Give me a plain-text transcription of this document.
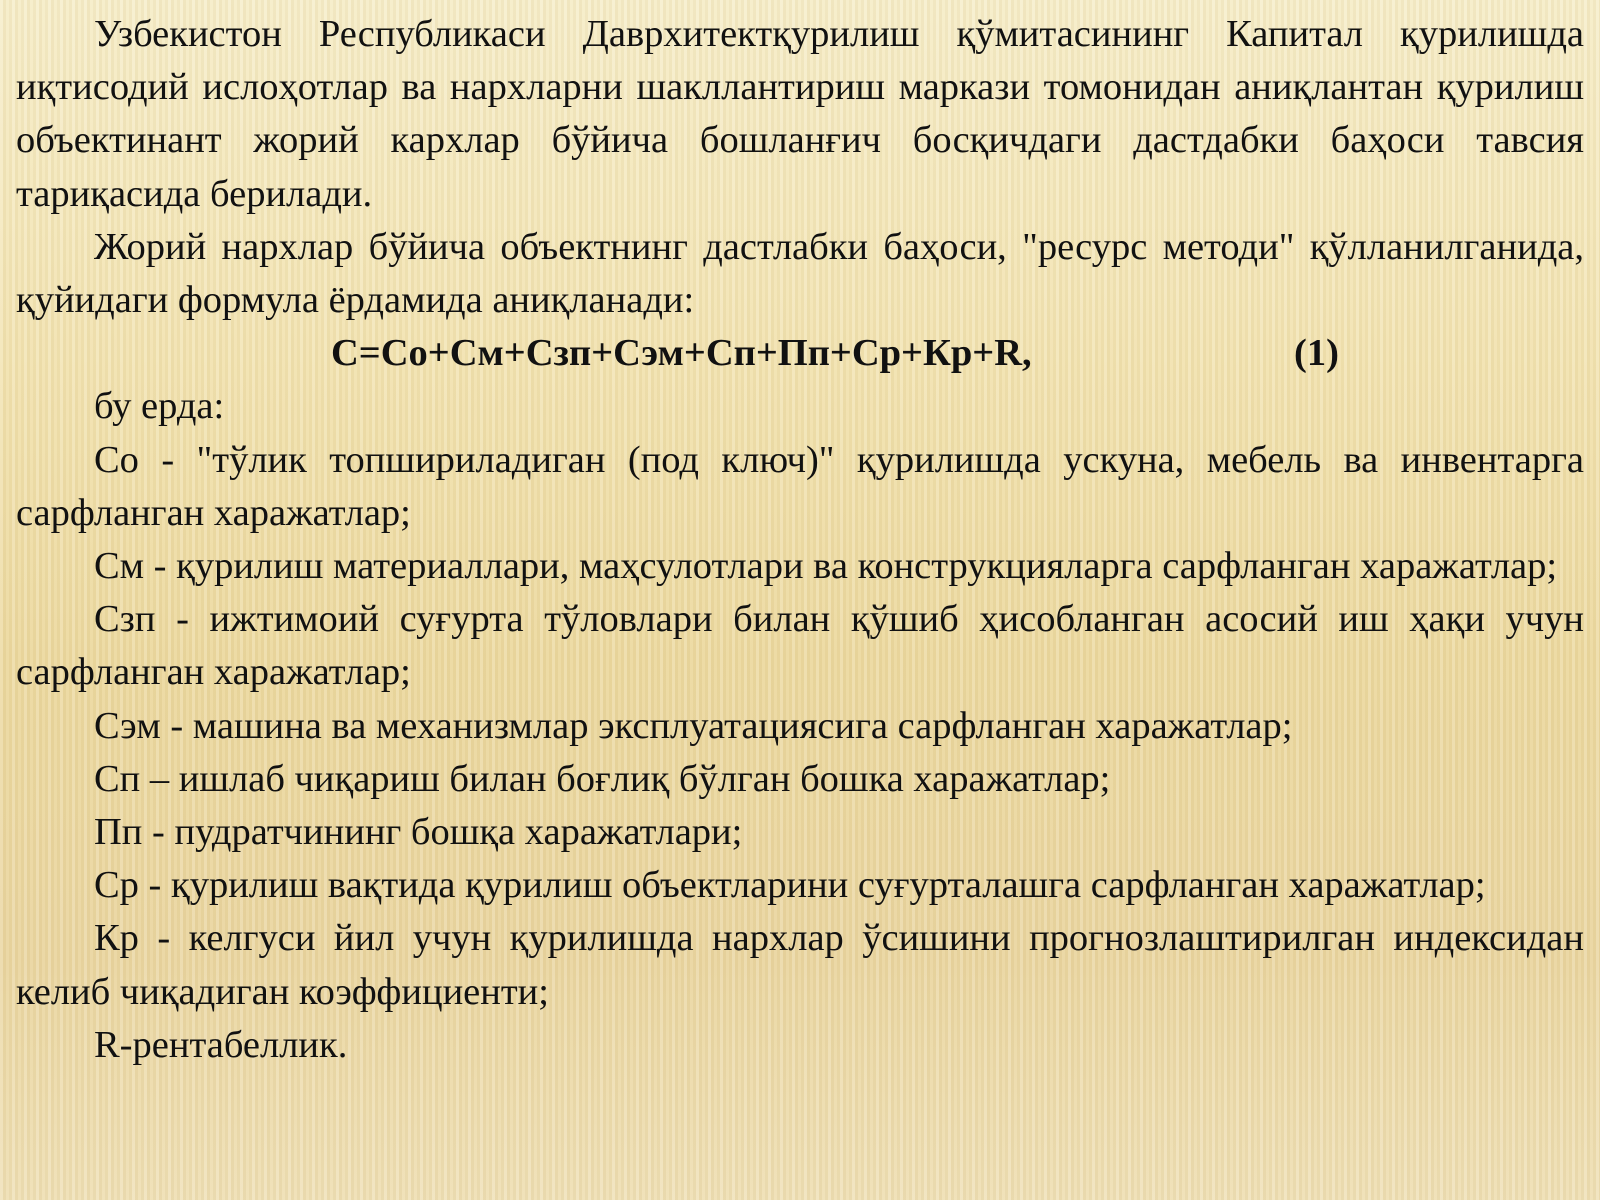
Узбекистон Республикаси Даврхитектқурилиш қўмитасининг Капитал қурилишда иқтисодий ислоҳотлар ва нархларни шакллантириш маркази томонидан аниқлантан қурилиш объектинант жорий кархлар бўйича бошланғич босқичдаги дастдабки баҳоси тавсия тариқасида берилади.

Жорий нархлар бўйича объектнинг дастлабки баҳоси, "ресурс методи" қўлланилганида, қуйидаги формула ёрдамида аниқланади:

С=Со+См+Сзп+Сэм+Сп+Пп+Ср+Кр+R,	(1)

бу ерда:

Со - "тўлик топшириладиган (под ключ)" қурилишда ускуна, мебель ва инвентарга сарфланган харажатлар;

См - қурилиш материаллари, маҳсулотлари ва конструкцияларга сарфланган харажатлар;

Сзп - ижтимоий суғурта тўловлари билан қўшиб ҳисобланган асосий иш ҳақи учун сарфланган харажатлар;

Сэм - машина ва механизмлар эксплуатациясига сарфланган харажатлар;

Сп – ишлаб чиқариш билан боғлиқ бўлган бошка харажатлар;

Пп - пудратчининг бошқа харажатлари;

Ср - қурилиш вақтида қурилиш объектларини суғурталашга сарфланган харажатлар;

Кр - келгуси йил учун қурилишда нархлар ўсишини прогнозлаштирилган индексидан келиб чиқадиган коэффициенти;

R-рентабеллик.
